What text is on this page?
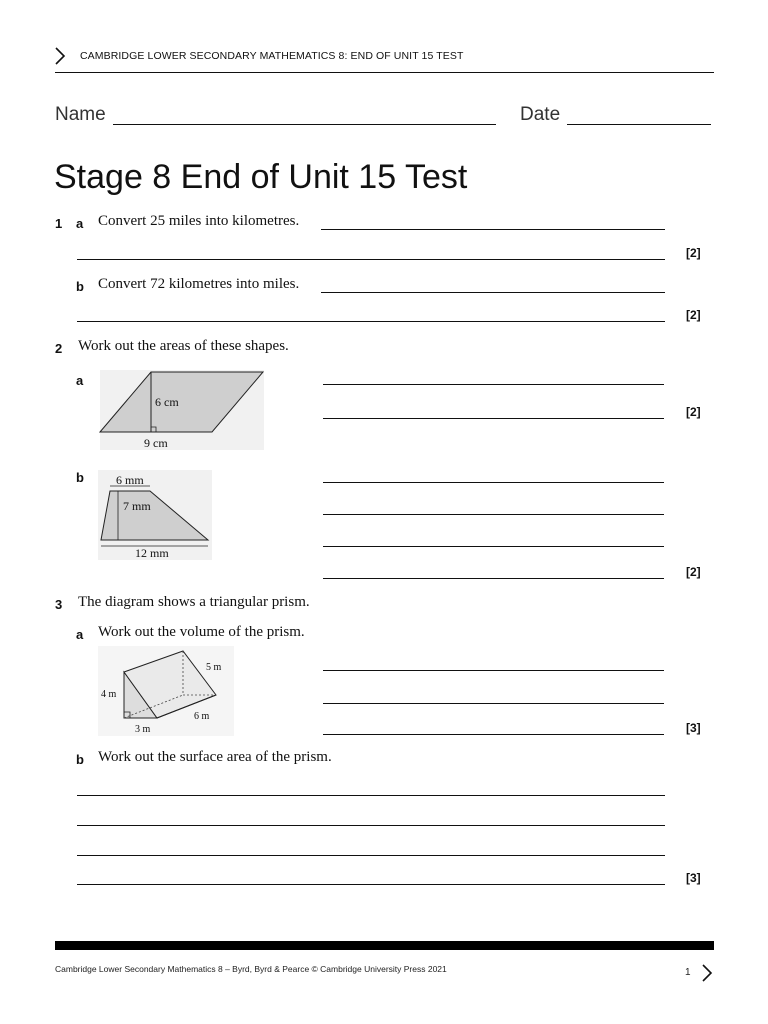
CAMBRIDGE LOWER SECONDARY MATHEMATICS 8: END OF UNIT 15 TEST
Name	Date
Stage 8 End of Unit 15 Test
1 a Convert 25 miles into kilometres.
[2]
b Convert 72 kilometres into miles.
[2]
2 Work out the areas of these shapes.
a
6 cm
9 cm
[2]
b	6 mm
7 mm
12 mm
[2]
3 The diagram shows a triangular prism.
a Work out the volume of the prism.
5 m
4 m
6 m
3 m	[3]
b Work out the surface area of the prism.
[3]
Cambridge Lower Secondary Mathematics 8 – Byrd, Byrd & Pearce © Cambridge University Press 2021	1
